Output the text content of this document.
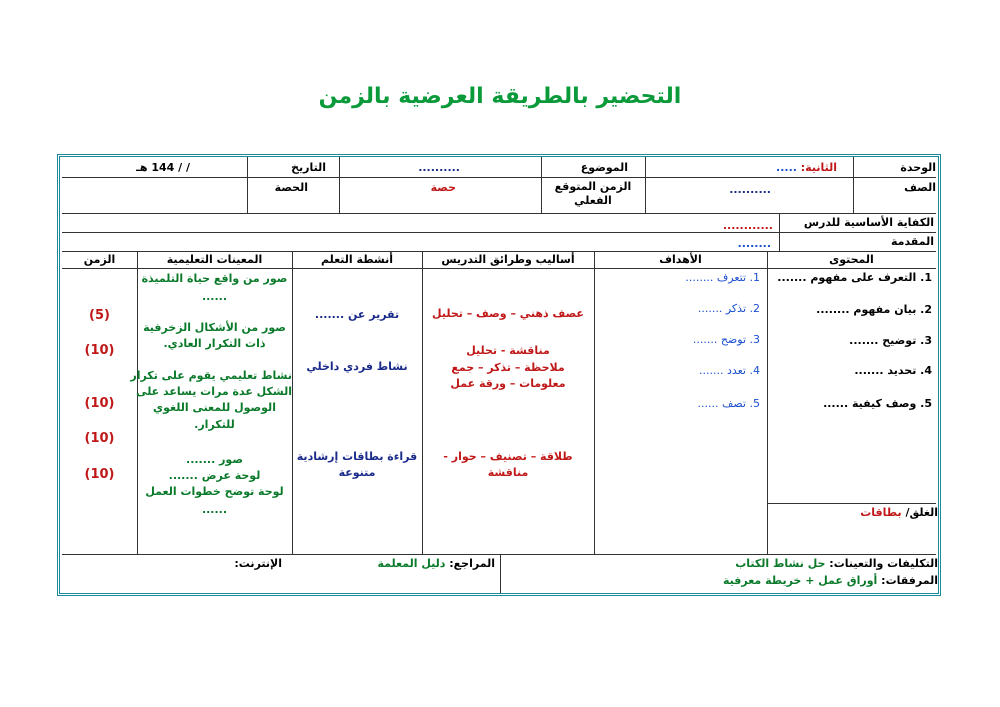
التحضير بالطريقة العرضية بالزمن
الوحدة
الثانية: .....
الموضوع
..........
التاريخ
/ / 144 هـ
الصف
..........
الزمن المتوقع الفعلي
حصة
الحصة
الكفاية الأساسية للدرس
............
المقدمة
........
المحتوى
الأهداف
أساليب وطرائق التدريس
أنشطة التعلم
المعينات التعليمية
الزمن
1. التعرف على مفهوم .......
2. بيان مفهوم ........
3. توضيح .......
4. تحديد .......
5. وصف كيفية ......
1. تتعرف ........
2. تذكر .......
3. توضح .......
4. تعدد .......
5. تصف ......
عصف ذهني – وصف – تحليل
مناقشة - تحليل
ملاحظة – تذكر – جمع
معلومات – ورقة عمل
طلاقة – تصنيف – حوار -
مناقشة
تقرير عن .......
نشاط فردي داخلي
قراءة بطاقات إرشادية
متنوعة
صور من واقع حياة التلميذة
......
صور من الأشكال الزخرفية
ذات التكرار العادي.
نشاط تعليمي يقوم على تكرار
الشكل عدة مرات يساعد على
الوصول للمعنى اللغوي
للتكرار.
صور .......
لوحة عرض .......
لوحة توضح خطوات العمل
......
(5)
(10)
(10)
(10)
(10)
الغلق/ بطاقات
التكليفات والتعينات: حل نشاط الكتاب
المرفقات: أوراق عمل + خريطة معرفية
المراجع: دليل المعلمة
الإنترنت:
